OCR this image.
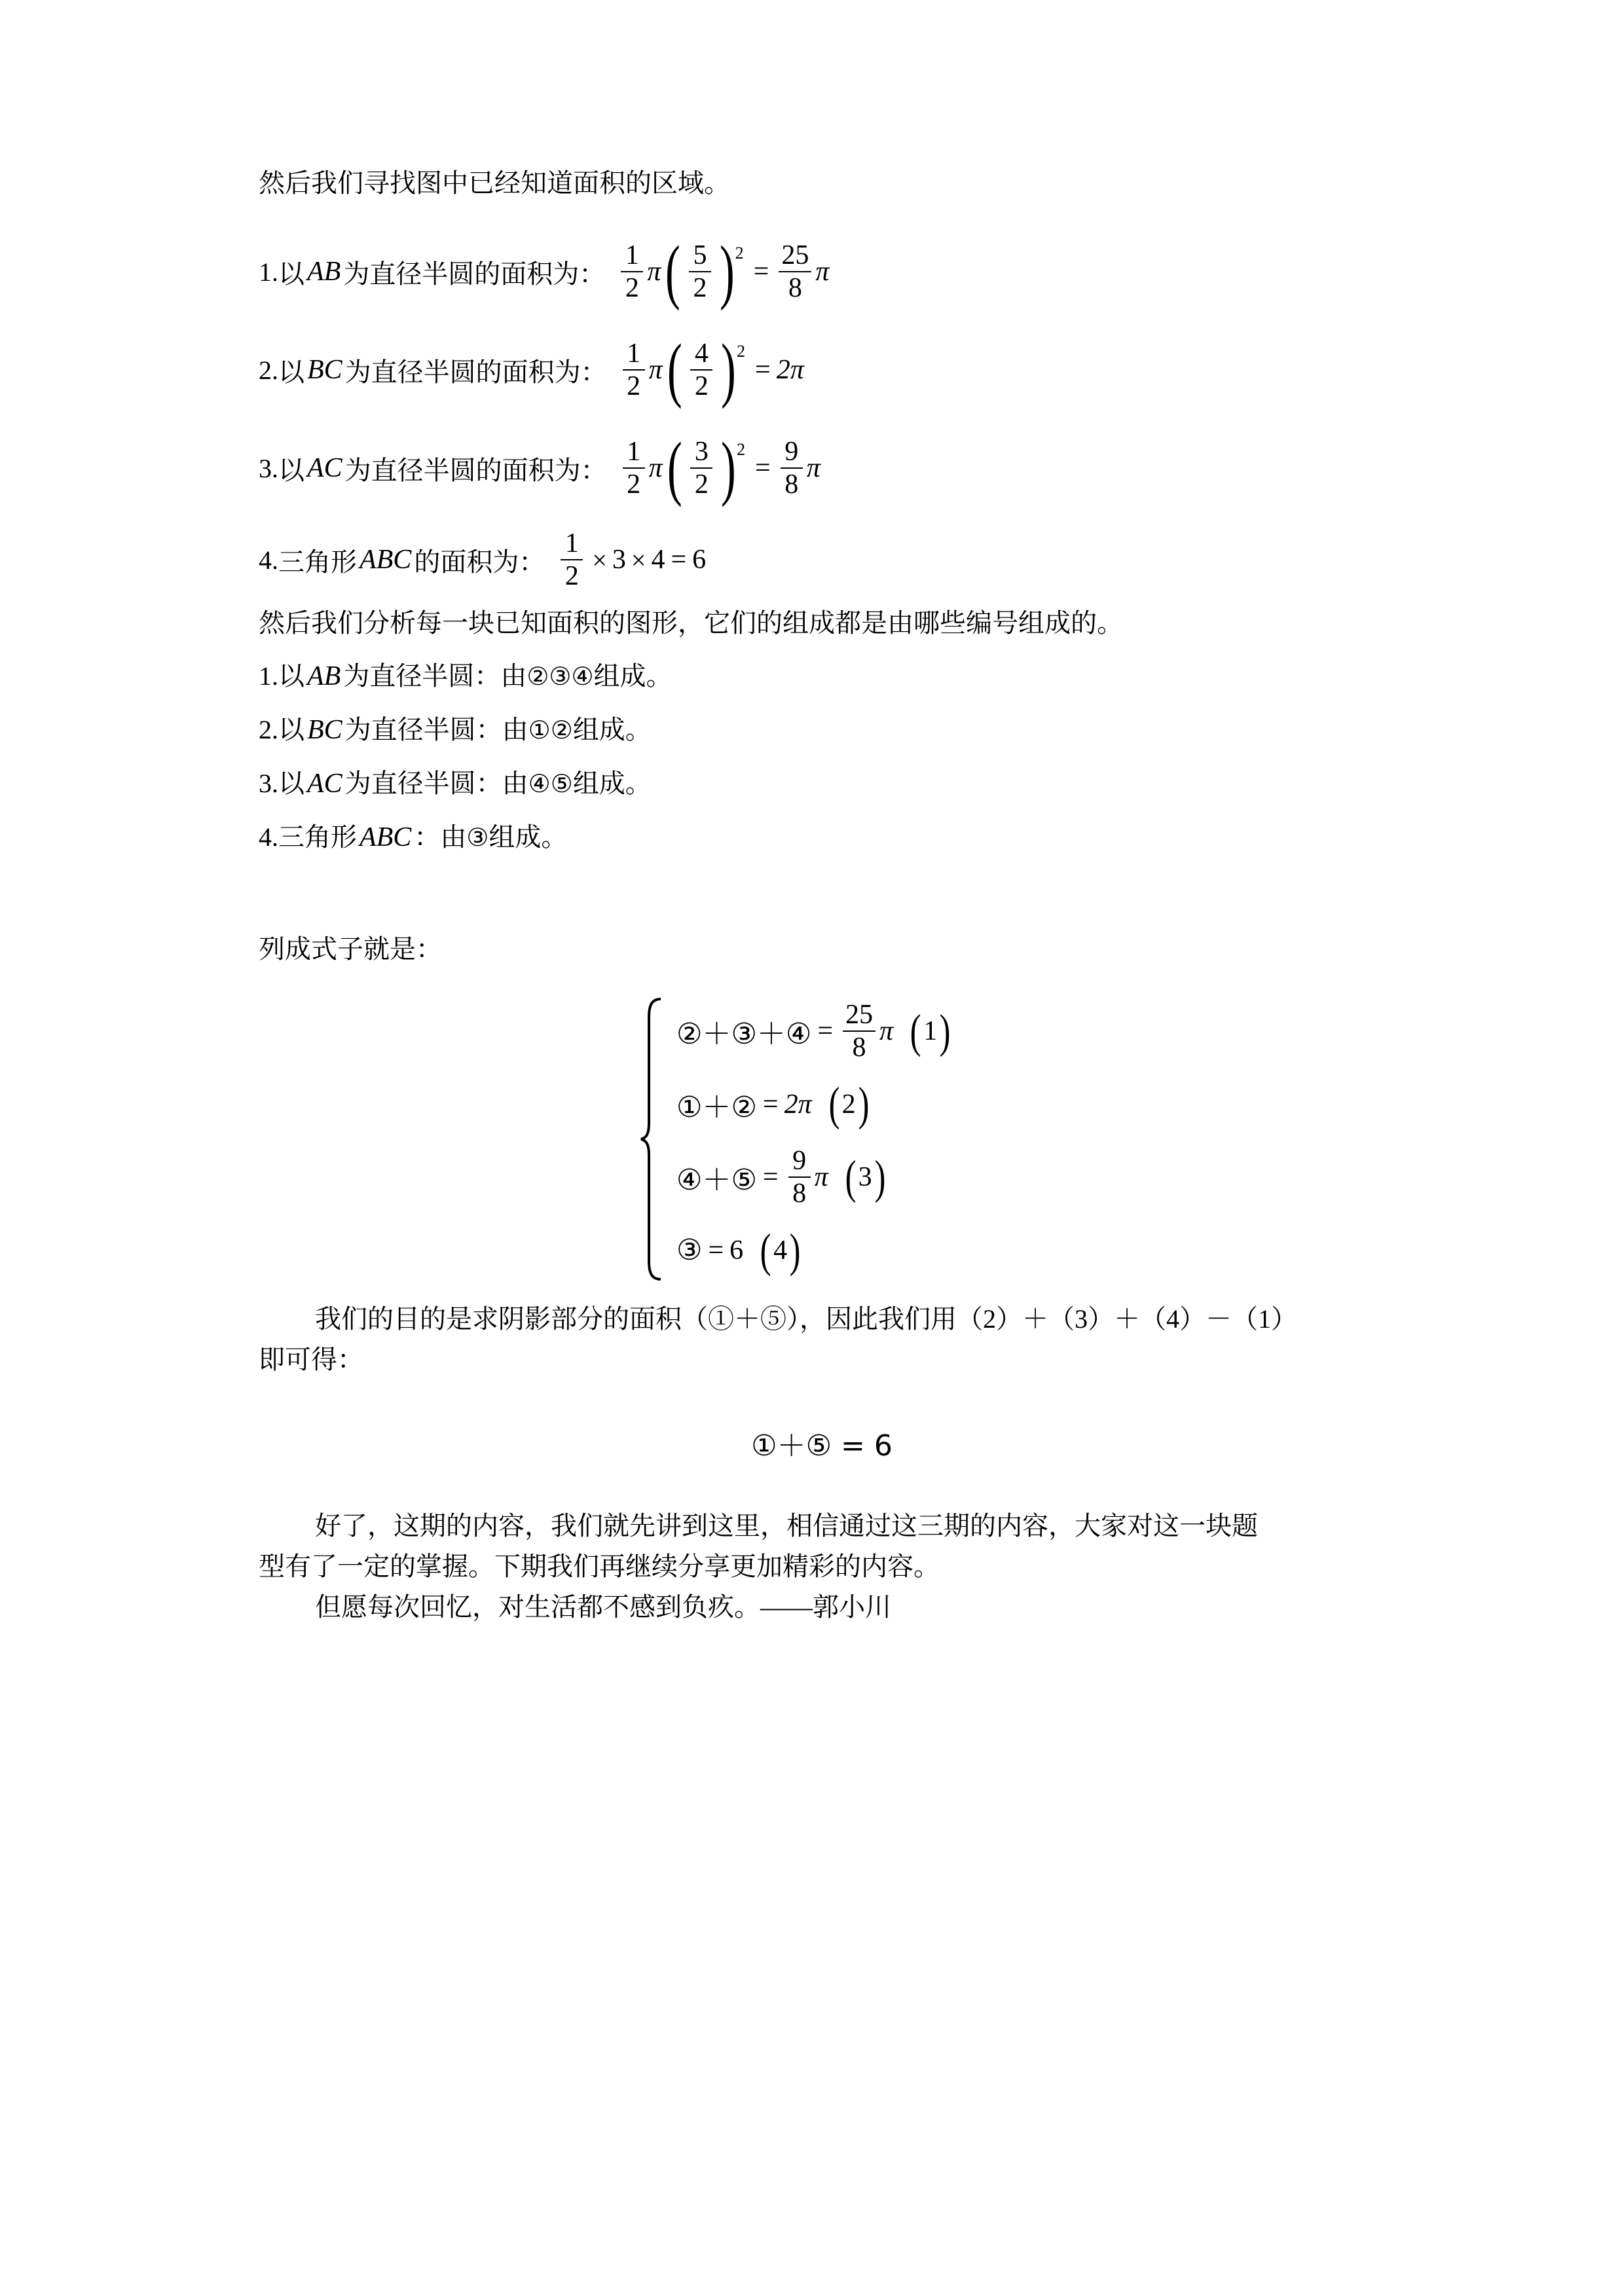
然后我们寻找图中已经知道面积的区域。

1. 以 AB 为直径半圆的面积为： $\frac{1}{2}$ π ( $\frac{5}{2}$ ) 2
= $\frac{25}{8}$ π
2. 以 BC 为直径半圆的面积为： $\frac{1}{2}$ π ( $\frac{4}{2}$ ) 2
= 2π
3. 以 AC 为直径半圆的面积为： $\frac{1}{2}$ π ( $\frac{3}{2}$ ) 2
= $\frac{9}{8}$ π
4. 三角形 ABC 的面积为： $\frac{1}{2} \times 3 \times 4 = 6$

然后我们分析每一块已知面积的图形，它们的组成都是由哪些编号组成的。

1.以AB 为直径半圆：由②③④组成。

2.以BC 为直径半圆：由①②组成。

3.以AC 为直径半圆：由④⑤组成。

4.三角形ABC ：由③组成。

列成式子就是：

②＋③＋④ = $\frac{25}{8}$ π ( 1 )
①＋② = 2π ( 2 )
④＋⑤ = $\frac{9}{8}$ π ( 3 )
③ = 6 ( 4 )

我们的目的是求阴影部分的面积（①＋⑤），因此我们用（2）＋（3）＋（4）－（1）

即可得：

①＋⑤ = 6

好了，这期的内容，我们就先讲到这里，相信通过这三期的内容，大家对这一块题

型有了一定的掌握。下期我们再继续分享更加精彩的内容。

但愿每次回忆，对生活都不感到负疚。——郭小川
